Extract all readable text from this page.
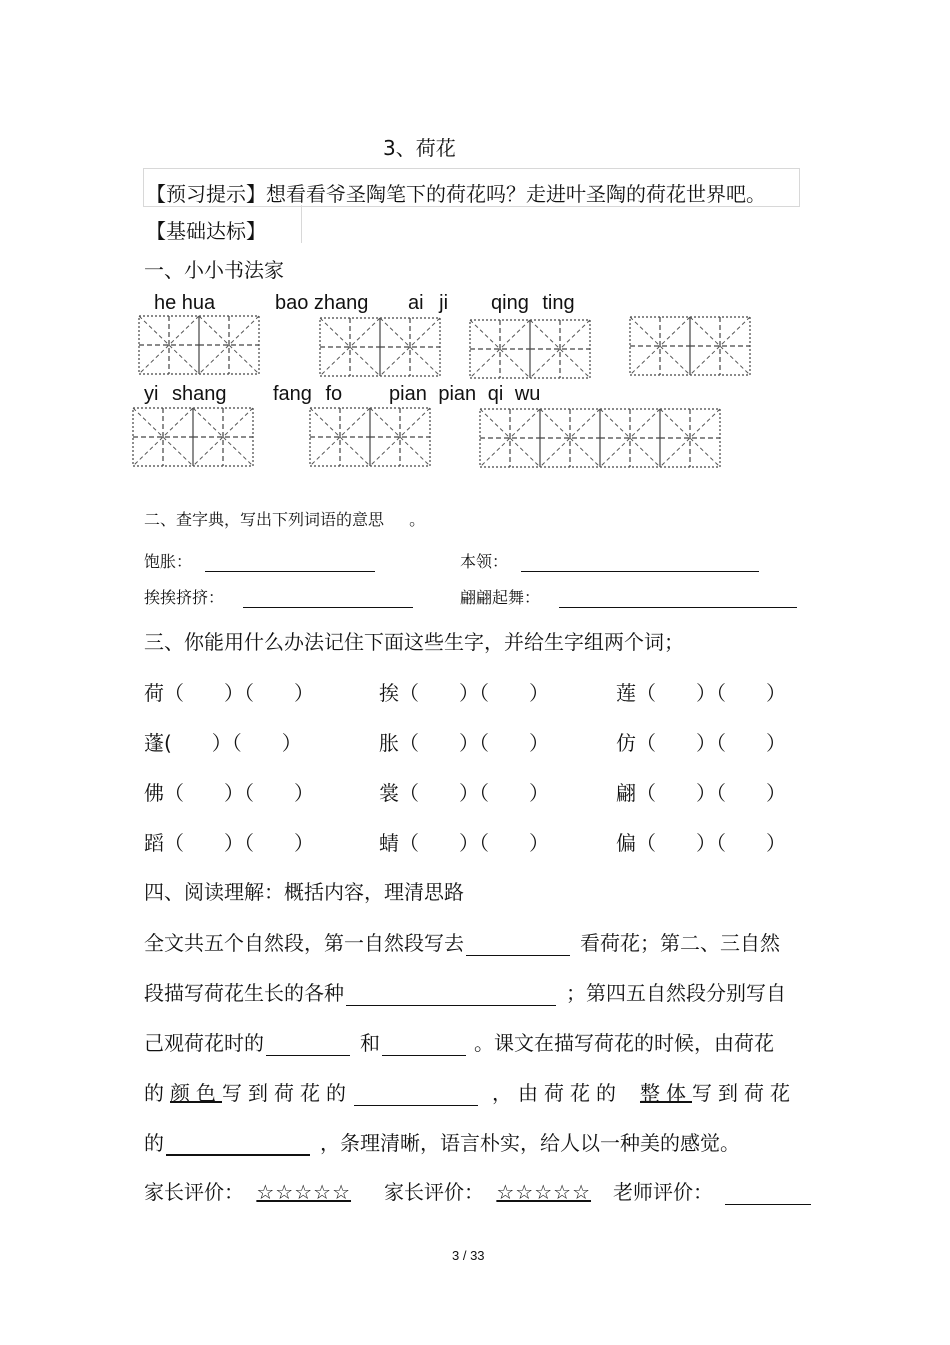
3、荷花
【预习提示】想看看爷圣陶笔下的荷花吗？走进叶圣陶的荷花世界吧。
【基础达标】
一、小小书法家
he hua	bao zhang ai ji qing ting
yi shang fang fo pian pian qi wu
二、查字典，写出下列词语的意思 。
饱胀：	本领：
挨挨挤挤：	翩翩起舞：
三、你能用什么办法记住下面这些生字，并给生字组两个词；
荷（　　）（　　）	挨（　　）（　　）	莲（　　）（　　）
蓬(　　）（　　）	胀（　　）（　　）	仿（　　）（　　）
佛（　　）（　　）	裳（　　）（　　）	翩（　　）（　　）
蹈（　　）（　　）	蜻（　　）（　　）	偏（　　）（　　）
四、阅读理解：概括内容，理清思路
全文共五个自然段，第一自然段写去	看荷花；第二、三自然
段描写荷花生长的各种	；第四五自然段分别写自
己观荷花时的	和	。课文在描写荷花的时候，由荷花
的颜色写到荷花的	，由荷花的 整体写到荷花
的	，条理清晰，语言朴实，给人以一种美的感觉。
家长评价： ☆☆☆☆☆ 家长评价： ☆☆☆☆☆ 老师评价：
3 / 33
